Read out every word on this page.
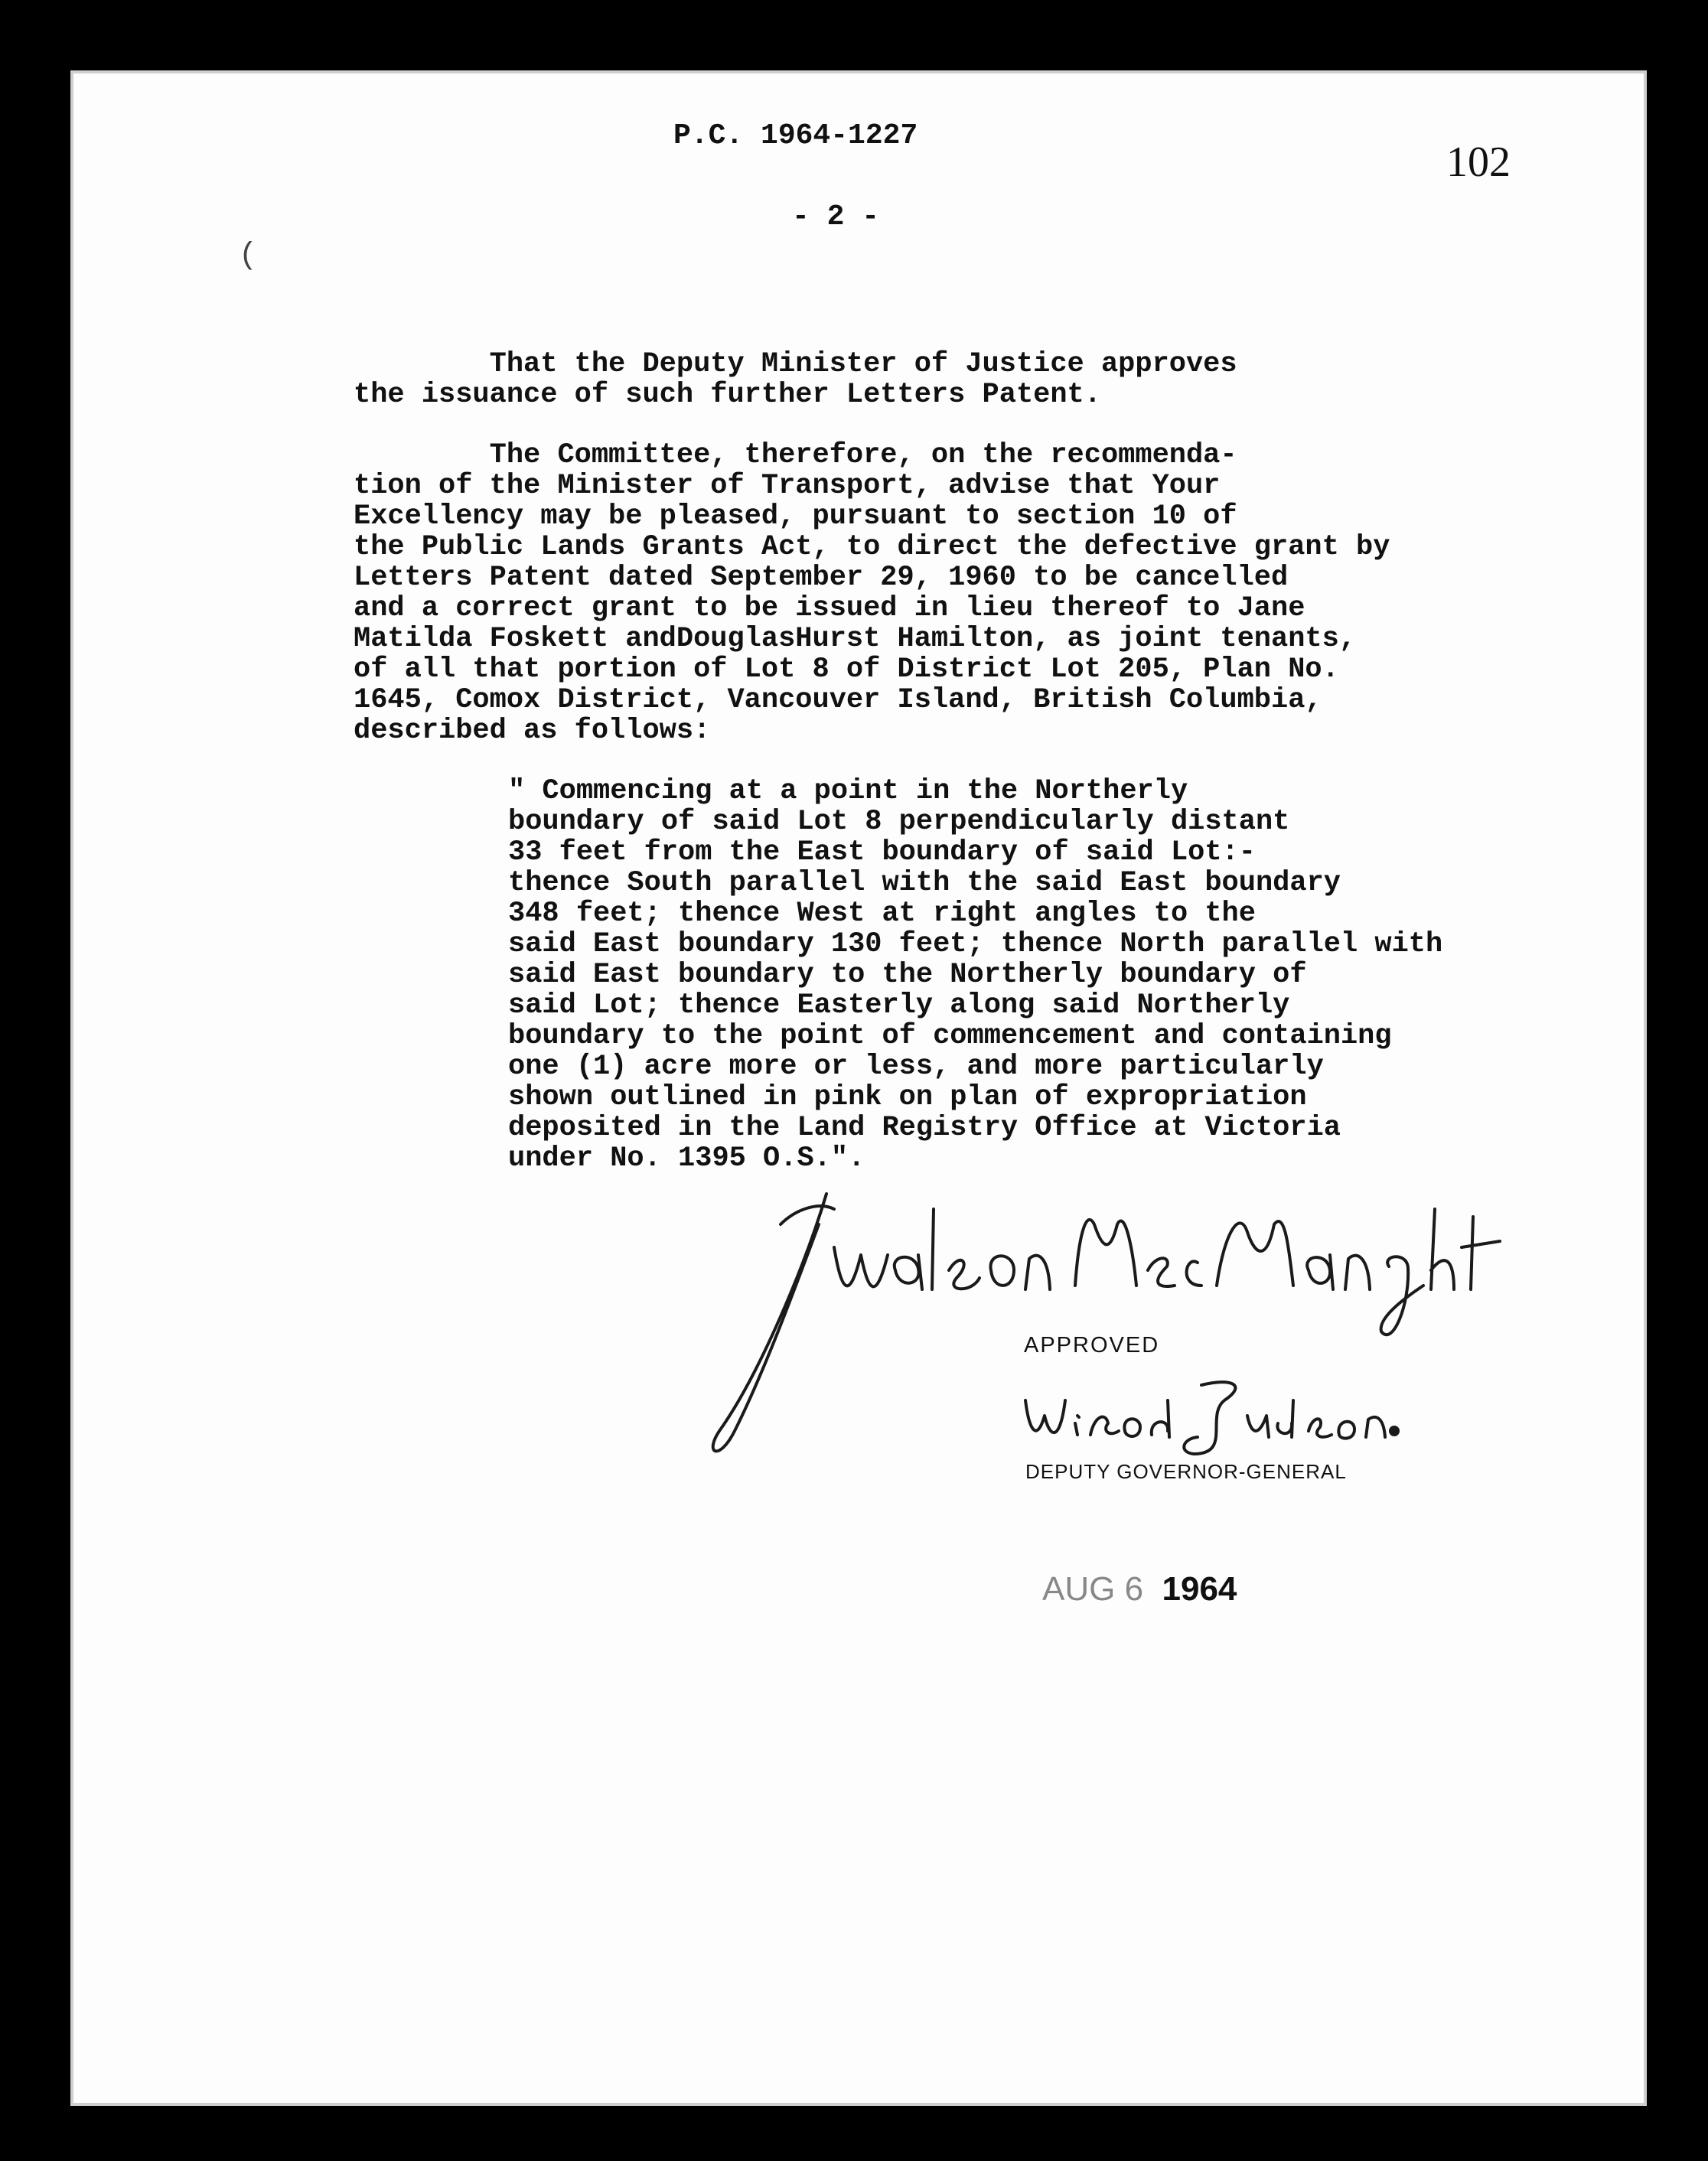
P.C. 1964-1227
102
- 2 -
(
That the Deputy Minister of Justice approves
the issuance of such further Letters Patent.
The Committee, therefore, on the recommenda-
tion of the Minister of Transport, advise that Your
Excellency may be pleased, pursuant to section 10 of
the Public Lands Grants Act, to direct the defective grant by
Letters Patent dated September 29, 1960 to be cancelled
and a correct grant to be issued in lieu thereof to Jane
Matilda Foskett andDouglasHurst Hamilton, as joint tenants,
of all that portion of Lot 8 of District Lot 205, Plan No.
1645, Comox District, Vancouver Island, British Columbia,
described as follows:
" Commencing at a point in the Northerly
boundary of said Lot 8 perpendicularly distant
33 feet from the East boundary of said Lot:-
thence South parallel with the said East boundary
348 feet; thence West at right angles to the
said East boundary 130 feet; thence North parallel with
said East boundary to the Northerly boundary of
said Lot; thence Easterly along said Northerly
boundary to the point of commencement and containing
one (1) acre more or less, and more particularly
shown outlined in pink on plan of expropriation
deposited in the Land Registry Office at Victoria
under No. 1395 O.S.".
APPROVED
DEPUTY GOVERNOR-GENERAL
AUG 6 1964
